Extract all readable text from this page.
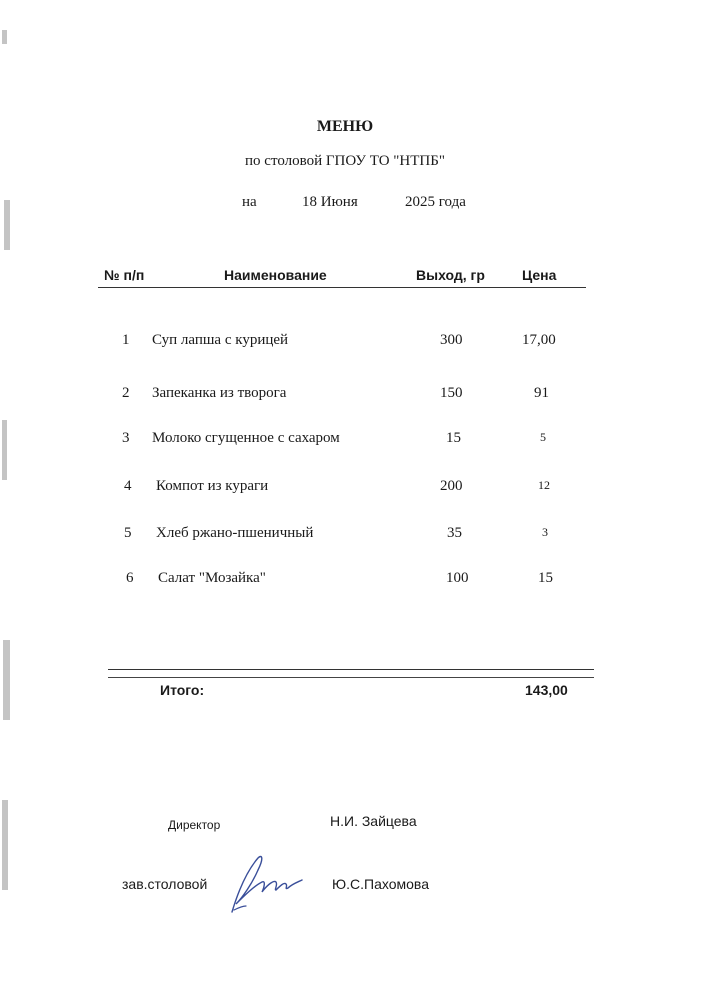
МЕНЮ
по столовой ГПОУ ТО "НТПБ"
на	18 Июня	2025 года
№ п/п	Наименование	Выход, гр	Цена
1 Суп лапша с курицей	300	17,00
2 Запеканка из творога	150	91
3 Молоко сгущенное с сахаром	15	5
4 Компот из кураги	200	12
5 Хлеб ржано-пшеничный	35	3
6 Салат "Мозайка"	100	15
Итого:	143,00
Директор	Н.И. Зайцева
зав.столовой	Ю.С.Пахомова
